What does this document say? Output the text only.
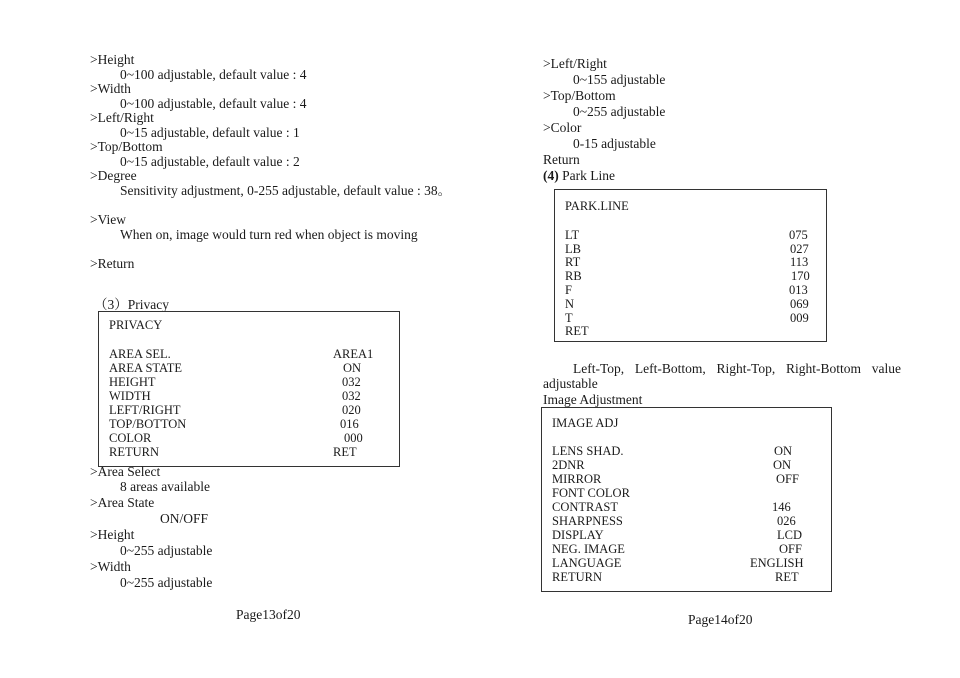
>Height
0~100 adjustable, default value : 4
>Width
0~100 adjustable, default value : 4
>Left/Right
0~15 adjustable, default value : 1
>Top/Bottom
0~15 adjustable, default value : 2
>Degree
Sensitivity adjustment, 0-255 adjustable, default value : 38。
>View
When on, image would turn red when object is moving
>Return
（3）Privacy
PRIVACY
AREA SEL.	AREA1
AREA STATE	ON
HEIGHT	032
WIDTH	032
LEFT/RIGHT	020
TOP/BOTTON	016
COLOR	000
RETURN	RET
>Area Select
8 areas available
>Area State
ON/OFF
>Height
0~255 adjustable
>Width
0~255 adjustable
Page13of20
>Left/Right
0~155 adjustable
>Top/Bottom
0~255 adjustable
>Color
0-15 adjustable
Return
(4) Park Line
PARK.LINE
LT	075
LB	027
RT	113
RB	170
F	013
N	069
T	009
RET
Left-Top, Left-Bottom, Right-Top, Right-Bottom value adjustable
Image Adjustment
IMAGE ADJ
LENS SHAD.	ON
2DNR	ON
MIRROR	OFF
FONT COLOR
CONTRAST	146
SHARPNESS	026
DISPLAY	LCD
NEG. IMAGE	OFF
LANGUAGE	ENGLISH
RETURN	RET
Page14of20
